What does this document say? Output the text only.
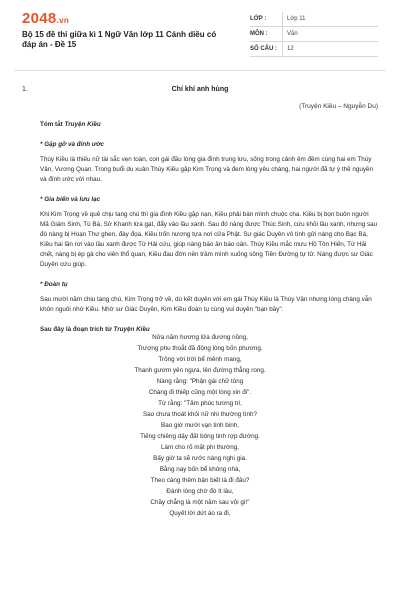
2048.vn
Bộ 15 đề thi giữa kì 1 Ngữ Văn lớp 11 Cánh diều có đáp án - Đề 15
LỚP :	Lớp 11
MÔN :	Văn
SỐ CÂU :	12
1.	Chí khí anh hùng
(Truyện Kiều – Nguyễn Du)

Tóm tắt Truyện Kiều

* Gặp gỡ và đính ước

Thúy Kiều là thiếu nữ tài sắc vẹn toàn, con gái đầu lòng gia đình trung lưu, sống trong cảnh êm đềm cùng hai em Thúy Vân, Vương Quan. Trong buổi du xuân Thúy Kiều gặp Kim Trọng và đem lòng yêu chàng, hai người đã tự ý thề nguyền và đính ước với nhau.

* Gia biến và lưu lạc

Khi Kim Trọng về quê chịu tang chú thì gia đình Kiều gặp nạn, Kiều phải bán mình chuộc cha. Kiều bị bọn buôn người Mã Giám Sinh, Tú Bà, Sở Khanh lừa gạt, đẩy vào lầu xanh. Sau đó nàng được Thúc Sinh, cứu khỏi lầu xanh, nhưng sau đó nàng bị Hoạn Thư ghen, đày đọa, Kiều trốn nương tựa nơi cửa Phật. Sư giác Duyên vô tình gửi nàng cho Bạc Bà, Kiều hai lần rơi vào lầu xanh được Từ Hải cứu, giúp nàng báo ân báo oán. Thúy Kiều mắc mưu Hồ Tôn Hiến, Từ Hải chết, nàng bị ép gả cho viên thổ quan, Kiều đau đớn nên trầm mình xuống sông Tiền Đường tự tử. Nàng được sư Giác Duyên cứu giúp.

* Đoàn tụ

Sau mười năm chịu tang chú, Kim Trọng trở về, dù kết duyên với em gái Thúy Kiều là Thúy Vân nhưng lòng chàng vẫn khôn nguôi nhớ Kiều. Nhờ sư Giác Duyên, Kim Kiều đoàn tụ cùng vui duyên "bạn bầy".

Sau đây là đoạn trích từ Truyện Kiều

Nửa năm hương lửa đương nồng,
Trượng phu thoắt đã động lòng bốn phương.
Trông vời trời bể mênh mang,
Thanh gươm yên ngựa, lên đường thẳng rong.
Nàng rằng: "Phận gái chữ tòng
Chàng đi thiếp cũng một lòng xin đi".
Từ rằng: "Tâm phúc tương tri,
Sao chưa thoát khỏi nữ nhi thường tình?
Bao giờ mười vạn tinh binh,
Tiếng chiêng dậy đất bóng tinh rợp đường.
Làm cho rõ mặt phi thường,
Bấy giờ ta sẽ rước nàng nghi gia.
Bằng nay bốn bể không nhà,
Theo càng thêm bận biết là đi đâu?
Đành lòng chờ đó ít lâu,
Chầy chẳng là một năm sau vội gì!"
Quyết lời dứt áo ra đi,
